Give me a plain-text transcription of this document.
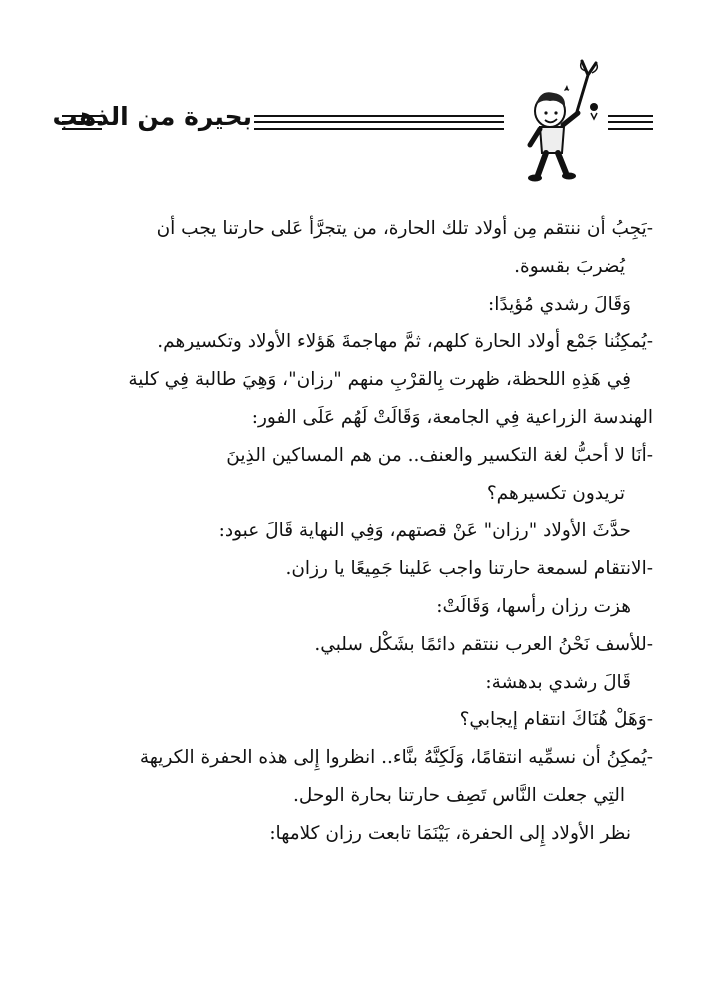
بحيرة من الذهب
-يَجِبُ أن ننتقم مِن أولاد تلك الحارة، من يتجرَّأ عَلى حارتنا يجب أن
يُضربَ بقسوة.
وَقَالَ رشدي مُؤيدًا:
-يُمكِنُنا جَمْع أولاد الحارة كلهم، ثمَّ مهاجمةَ هَؤلاء الأولاد وتكسيرهم.
فِي هَذِهِ اللحظة، ظهرت بِالقرْبِ منهم "رزان"، وَهِيَ طالبة فِي كلية
الهندسة الزراعية فِي الجامعة، وَقَالَتْ لَهُم عَلَى الفور:
-أنَا لا أحبُّ لغة التكسير والعنف.. من هم المساكين الذِينَ
تريدون تكسيرهم؟
حدَّثَ الأولاد "رزان" عَنْ قصتهم، وَفِي النهاية قَالَ عبود:
-الانتقام لسمعة حارتنا واجب عَلينا جَمِيعًا يا رزان.
هزت رزان رأسها، وَقَالَتْ:
-للأسف نَحْنُ العرب ننتقم دائمًا بشَكْل سلبي.
قَالَ رشدي بدهشة:
-وَهَلْ هُنَاكَ انتقام إيجابي؟
-يُمكِنُ أن نسمِّيه انتقامًا، وَلَكِنَّهُ بنَّاء.. انظروا إِلى هذه الحفرة الكريهة
التِي جعلت النَّاس تَصِف حارتنا بحارة الوحل.
نظر الأولاد إِلى الحفرة، بَيْنَمَا تابعت رزان كلامها:
